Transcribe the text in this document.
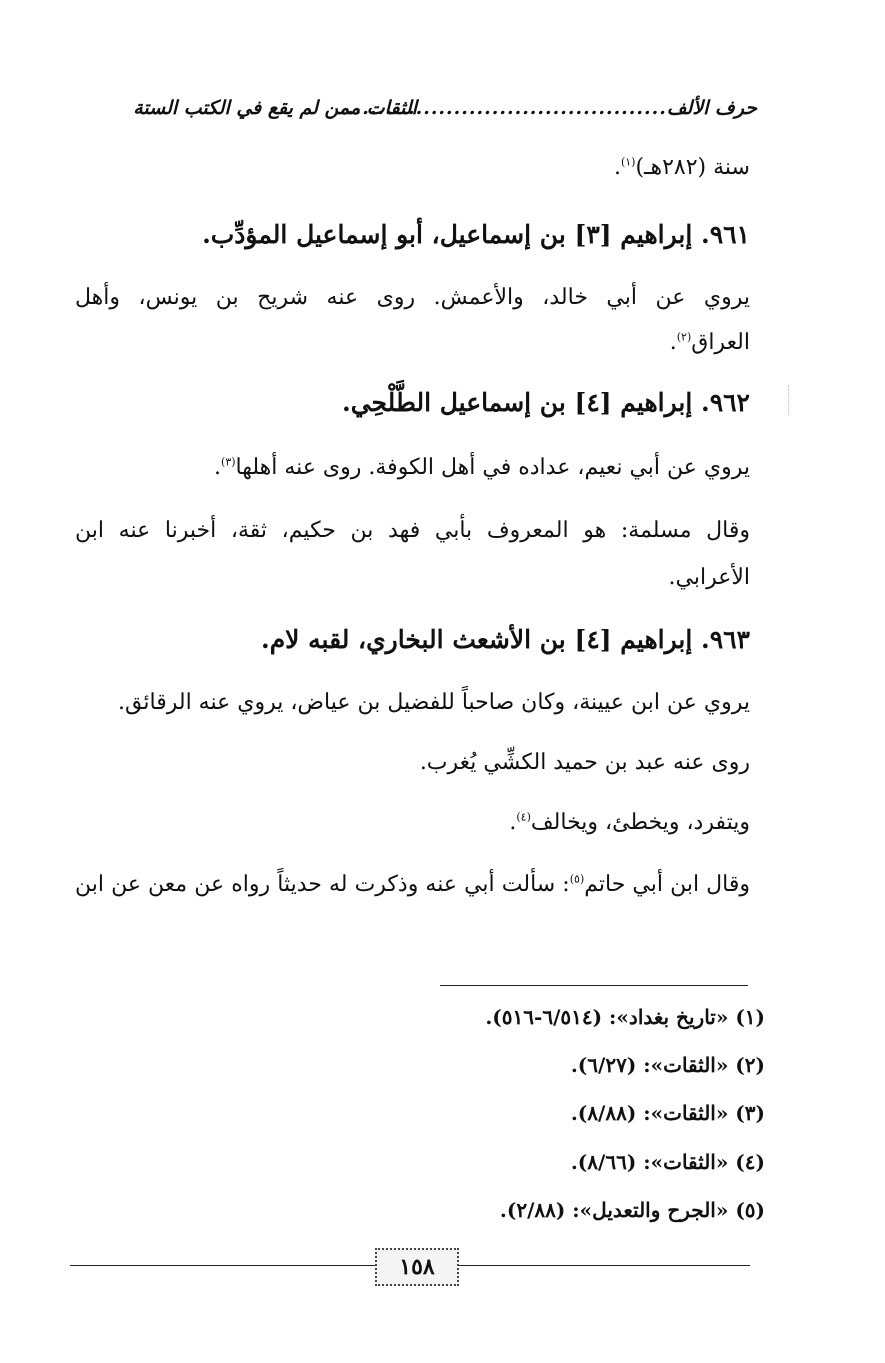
حرف الألف...........................................الثقات ممن لم يقع في الكتب الستة

سنة (٢٨٢هـ)$^{(١)}$.

٩٦١. إبراهيم [٣] بن إسماعيل، أبو إسماعيل المؤدِّب.

يروي عن أبي خالد، والأعمش. روى عنه شريح بن يونس، وأهل

العراق$^{(٢)}$.

٩٦٢. إبراهيم [٤] بن إسماعيل الطَّلْحِي.

يروي عن أبي نعيم، عداده في أهل الكوفة. روى عنه أهلها$^{(٣)}$.

وقال مسلمة: هو المعروف بأبي فهد بن حكيم، ثقة، أخبرنا عنه ابن

الأعرابي.

٩٦٣. إبراهيم [٤] بن الأشعث البخاري، لقبه لام.

يروي عن ابن عيينة، وكان صاحباً للفضيل بن عياض، يروي عنه الرقائق.

روى عنه عبد بن حميد الكشِّي يُغرب.

ويتفرد، ويخطئ، ويخالف$^{(٤)}$.

وقال ابن أبي حاتم$^{(٥)}$: سألت أبي عنه وذكرت له حديثاً رواه عن معن عن ابن

(١) «تاريخ بغداد»: (٦/٥١٤-٥١٦).

(٢) «الثقات»: (٦/٢٧).

(٣) «الثقات»: (٨/٨٨).

(٤) «الثقات»: (٨/٦٦).

(٥) «الجرح والتعديل»: (٢/٨٨).

١٥٨
